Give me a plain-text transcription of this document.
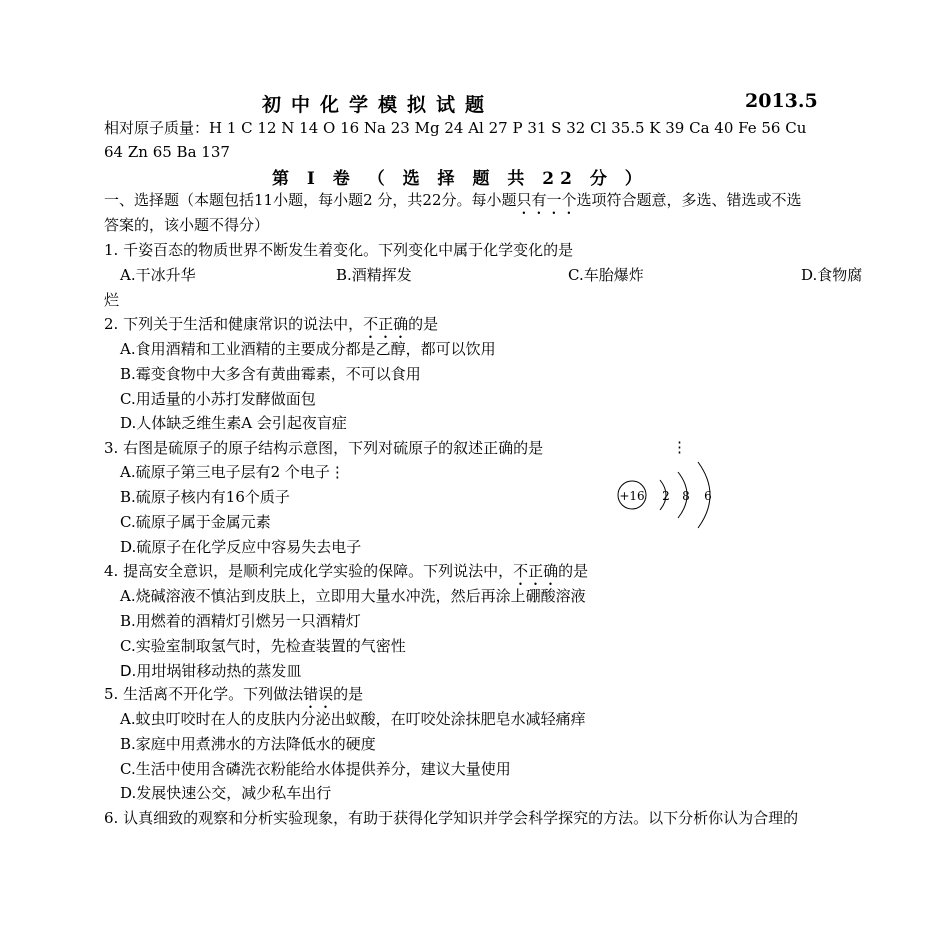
初中化学模拟试题	2013.5
相对原子质量：H 1 C 12 N 14 O 16 Na 23 Mg 24 Al 27 P 31 S 32 Cl 35.5 K 39 Ca 40 Fe 56 Cu
64 Zn 65 Ba 137
第 Ⅰ 卷 （ 选 择 题 共 22 分 ）
一、选择题（本题包括11小题，每小题2 分，共22分。每小题只有一个选项符合题意，多选、错选或不选
答案的，该小题不得分）
1. 千姿百态的物质世界不断发生着变化。下列变化中属于化学变化的是
A.干冰升华	B.酒精挥发	C.车胎爆炸	D.食物腐
烂
2. 下列关于生活和健康常识的说法中，不正确的是
A.食用酒精和工业酒精的主要成分都是乙醇，都可以饮用
B.霉变食物中大多含有黄曲霉素，不可以食用
C.用适量的小苏打发酵做面包
D.人体缺乏维生素A 会引起夜盲症
3. 右图是硫原子的原子结构示意图，下列对硫原子的叙述正确的是	⋮
A.硫原子第三电子层有2 个电子⋮
B.硫原子核内有16个质子
C.硫原子属于金属元素
D.硫原子在化学反应中容易失去电子
+16 2 8 6
4. 提高安全意识，是顺利完成化学实验的保障。下列说法中，不正确的是
A.烧碱溶液不慎沾到皮肤上，立即用大量水冲洗，然后再涂上硼酸溶液
B.用燃着的酒精灯引燃另一只酒精灯
C.实验室制取氢气时，先检查装置的气密性
D.用坩埚钳移动热的蒸发皿
5. 生活离不开化学。下列做法错误的是
A.蚊虫叮咬时在人的皮肤内分泌出蚁酸，在叮咬处涂抹肥皂水减轻痛痒
B.家庭中用煮沸水的方法降低水的硬度
C.生活中使用含磷洗衣粉能给水体提供养分，建议大量使用
D.发展快速公交，减少私车出行
6. 认真细致的观察和分析实验现象，有助于获得化学知识并学会科学探究的方法。以下分析你认为合理的
